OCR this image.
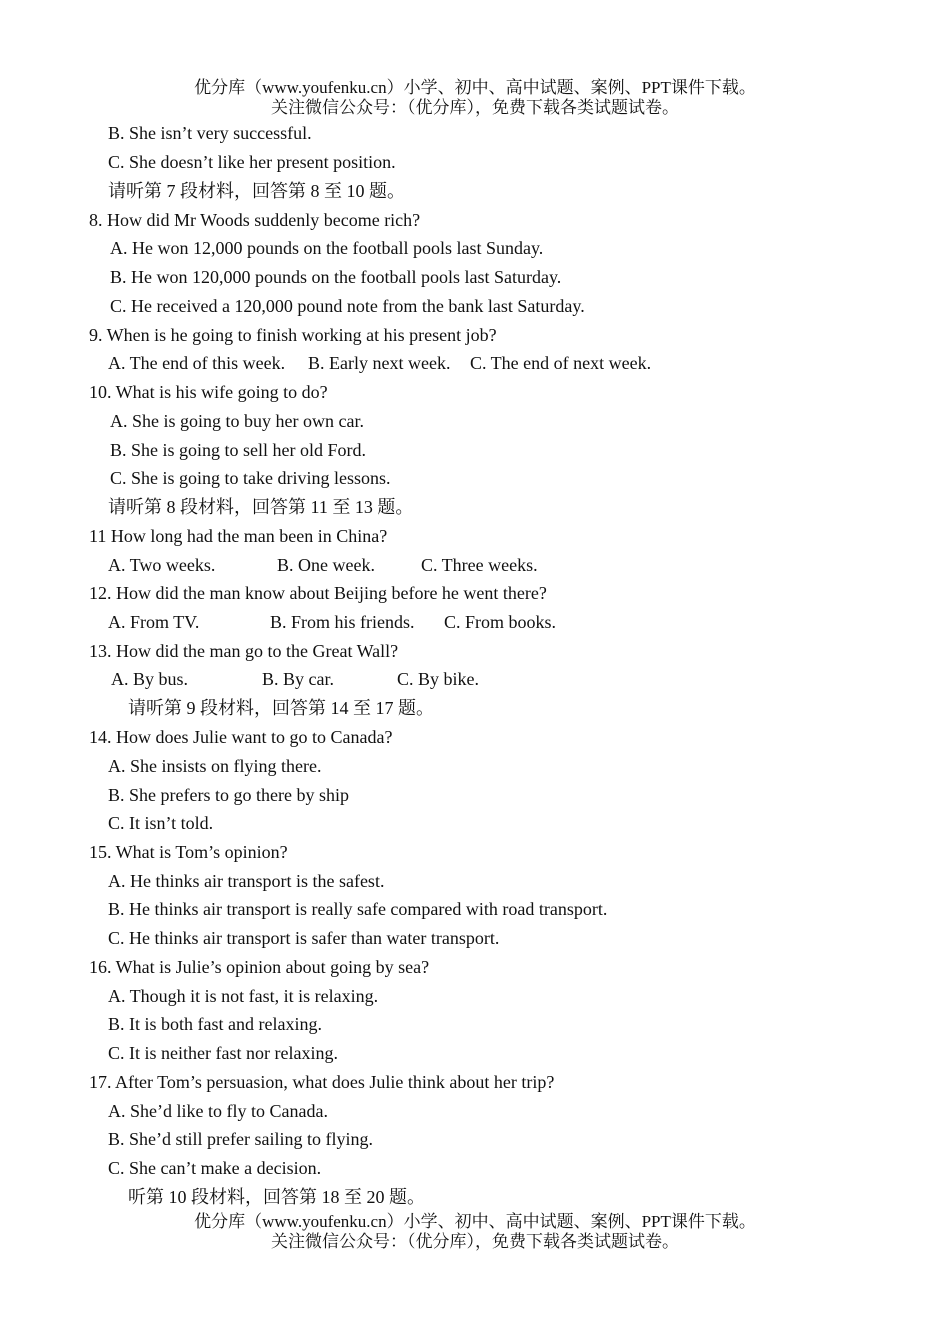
优分库（www.youfenku.cn）小学、初中、高中试题、案例、PPT课件下载。
关注微信公众号：（优分库），免费下载各类试题试卷。
B. She isn’t very successful.
C. She doesn’t like her present position.
请听第 7 段材料，回答第 8 至 10 题。
8. How did Mr Woods suddenly become rich?
A. He won 12,000 pounds on the football pools last Sunday.
B. He won 120,000 pounds on the football pools last Saturday.
C. He received a 120,000 pound note from the bank last Saturday.
9. When is he going to finish working at his present job?
A. The end of this week. B. Early next week. C. The end of next week.
10. What is his wife going to do?
A. She is going to buy her own car.
B. She is going to sell her old Ford.
C. She is going to take driving lessons.
请听第 8 段材料，回答第 11 至 13 题。
11 How long had the man been in China?
A. Two weeks.	B. One week.	C. Three weeks.
12. How did the man know about Beijing before he went there?
A. From TV.	B. From his friends. C. From books.
13. How did the man go to the Great Wall?
A. By bus.	B. By car.	C. By bike.
请听第 9 段材料，回答第 14 至 17 题。
14. How does Julie want to go to Canada?
A. She insists on flying there.
B. She prefers to go there by ship
C. It isn’t told.
15. What is Tom’s opinion?
A. He thinks air transport is the safest.
B. He thinks air transport is really safe compared with road transport.
C. He thinks air transport is safer than water transport.
16. What is Julie’s opinion about going by sea?
A. Though it is not fast, it is relaxing.
B. It is both fast and relaxing.
C. It is neither fast nor relaxing.
17. After Tom’s persuasion, what does Julie think about her trip?
A. She’d like to fly to Canada.
B. She’d still prefer sailing to flying.
C. She can’t make a decision.
听第 10 段材料，回答第 18 至 20 题。
优分库（www.youfenku.cn）小学、初中、高中试题、案例、PPT课件下载。
关注微信公众号：（优分库），免费下载各类试题试卷。
